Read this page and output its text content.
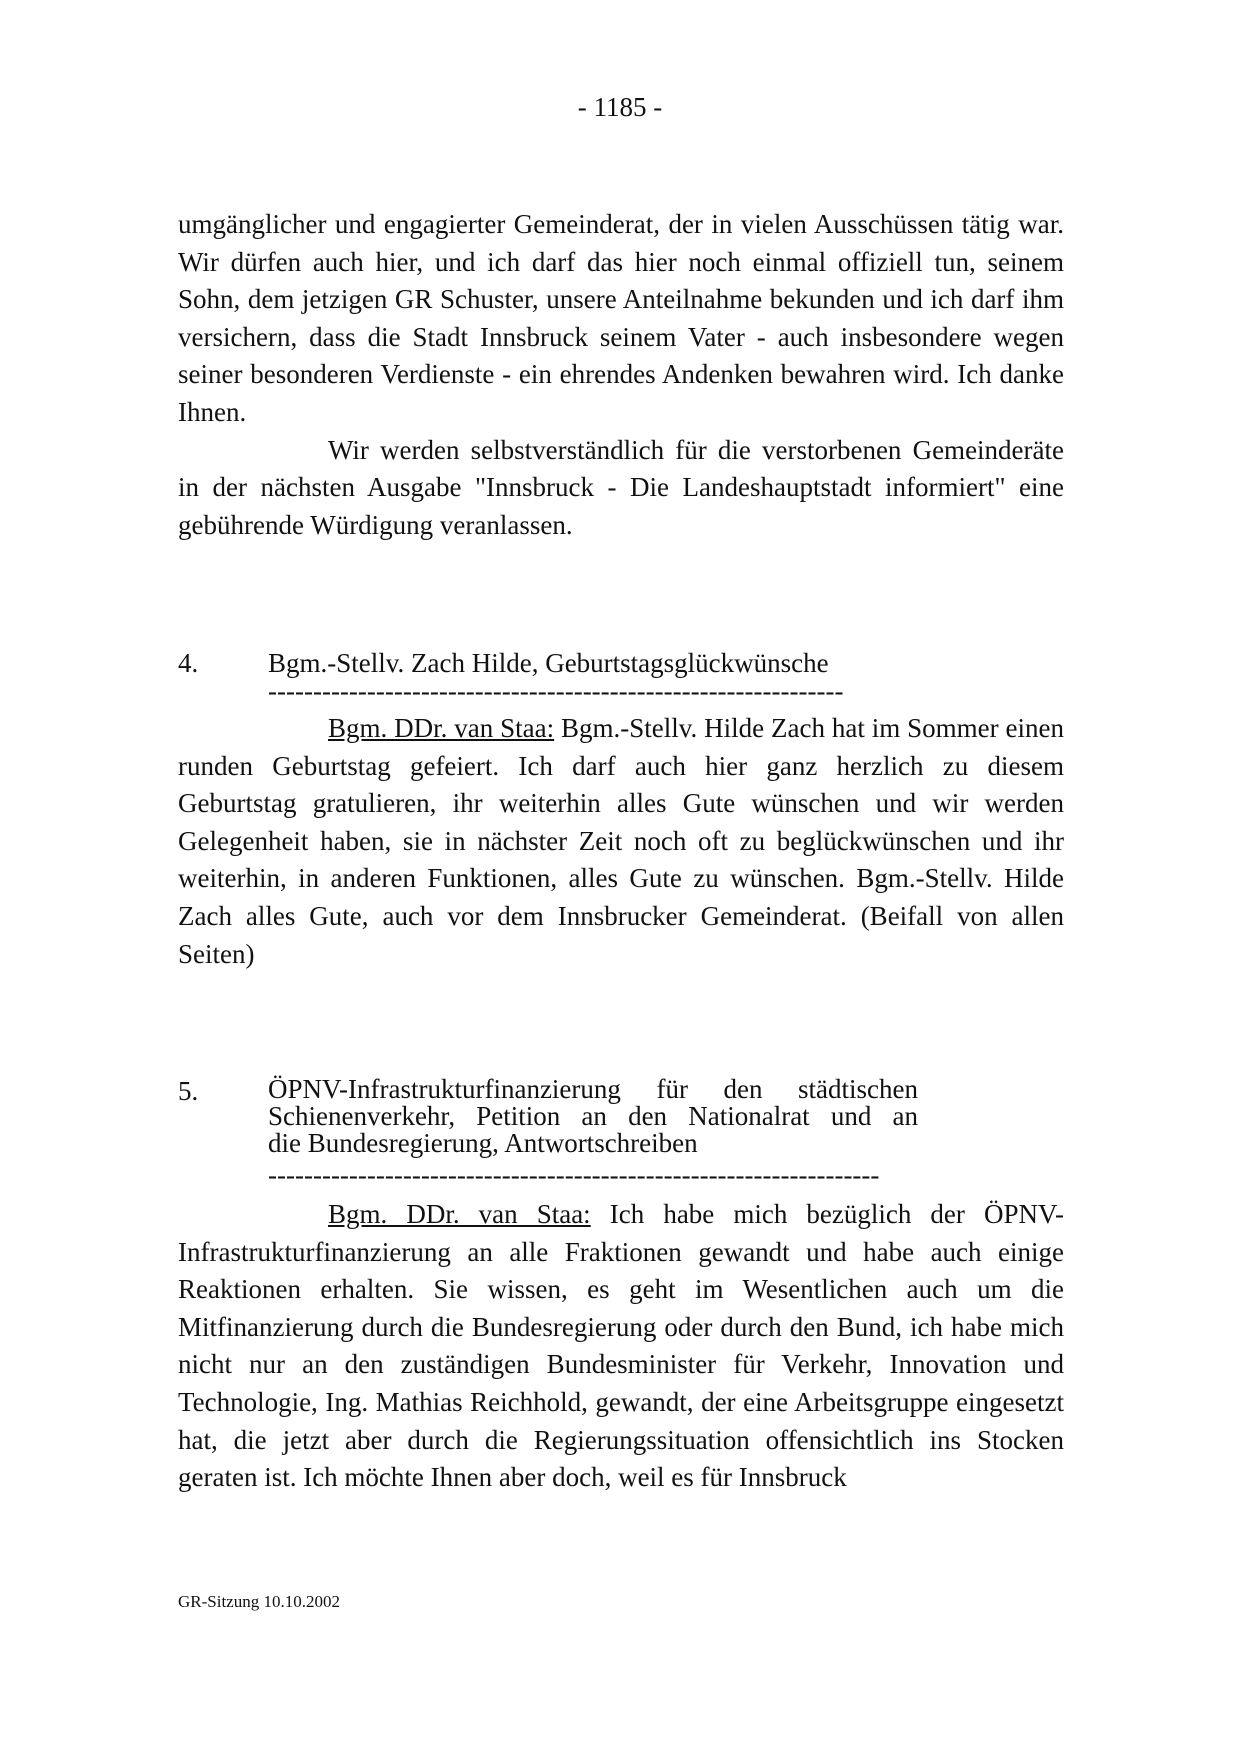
- 1185 -

umgänglicher und engagierter Gemeinderat, der in vielen Ausschüssen tätig war. Wir dürfen auch hier, und ich darf das hier noch einmal offiziell tun, seinem Sohn, dem jetzigen GR Schuster, unsere Anteilnahme bekunden und ich darf ihm versichern, dass die Stadt Innsbruck seinem Vater - auch insbesondere wegen seiner besonderen Verdienste - ein ehrendes Andenken bewahren wird. Ich danke Ihnen.

Wir werden selbstverständlich für die verstorbenen Gemeinderäte in der nächsten Ausgabe "Innsbruck - Die Landeshauptstadt informiert" eine gebührende Würdigung veranlassen.

4.	Bgm.-Stellv. Zach Hilde, Geburtstagsglückwünsche
----------------------------------------------------------------

Bgm. DDr. van Staa: Bgm.-Stellv. Hilde Zach hat im Sommer einen runden Geburtstag gefeiert. Ich darf auch hier ganz herzlich zu diesem Geburtstag gratulieren, ihr weiterhin alles Gute wünschen und wir werden Gelegenheit haben, sie in nächster Zeit noch oft zu beglückwünschen und ihr weiterhin, in anderen Funktionen, alles Gute zu wünschen. Bgm.-Stellv. Hilde Zach alles Gute, auch vor dem Innsbrucker Gemeinderat. (Beifall von allen Seiten)

5.	ÖPNV-Infrastrukturfinanzierung für den städtischen
Schienenverkehr, Petition an den Nationalrat und an
die Bundesregierung, Antwortschreiben
--------------------------------------------------------------------

Bgm. DDr. van Staa: Ich habe mich bezüglich der ÖPNV-Infrastrukturfinanzierung an alle Fraktionen gewandt und habe auch einige Reaktionen erhalten. Sie wissen, es geht im Wesentlichen auch um die Mitfinanzierung durch die Bundesregierung oder durch den Bund, ich habe mich nicht nur an den zuständigen Bundesminister für Verkehr, Innovation und Technologie, Ing. Mathias Reichhold, gewandt, der eine Arbeitsgruppe eingesetzt hat, die jetzt aber durch die Regierungssituation offensichtlich ins Stocken geraten ist. Ich möchte Ihnen aber doch, weil es für Innsbruck

GR-Sitzung 10.10.2002
